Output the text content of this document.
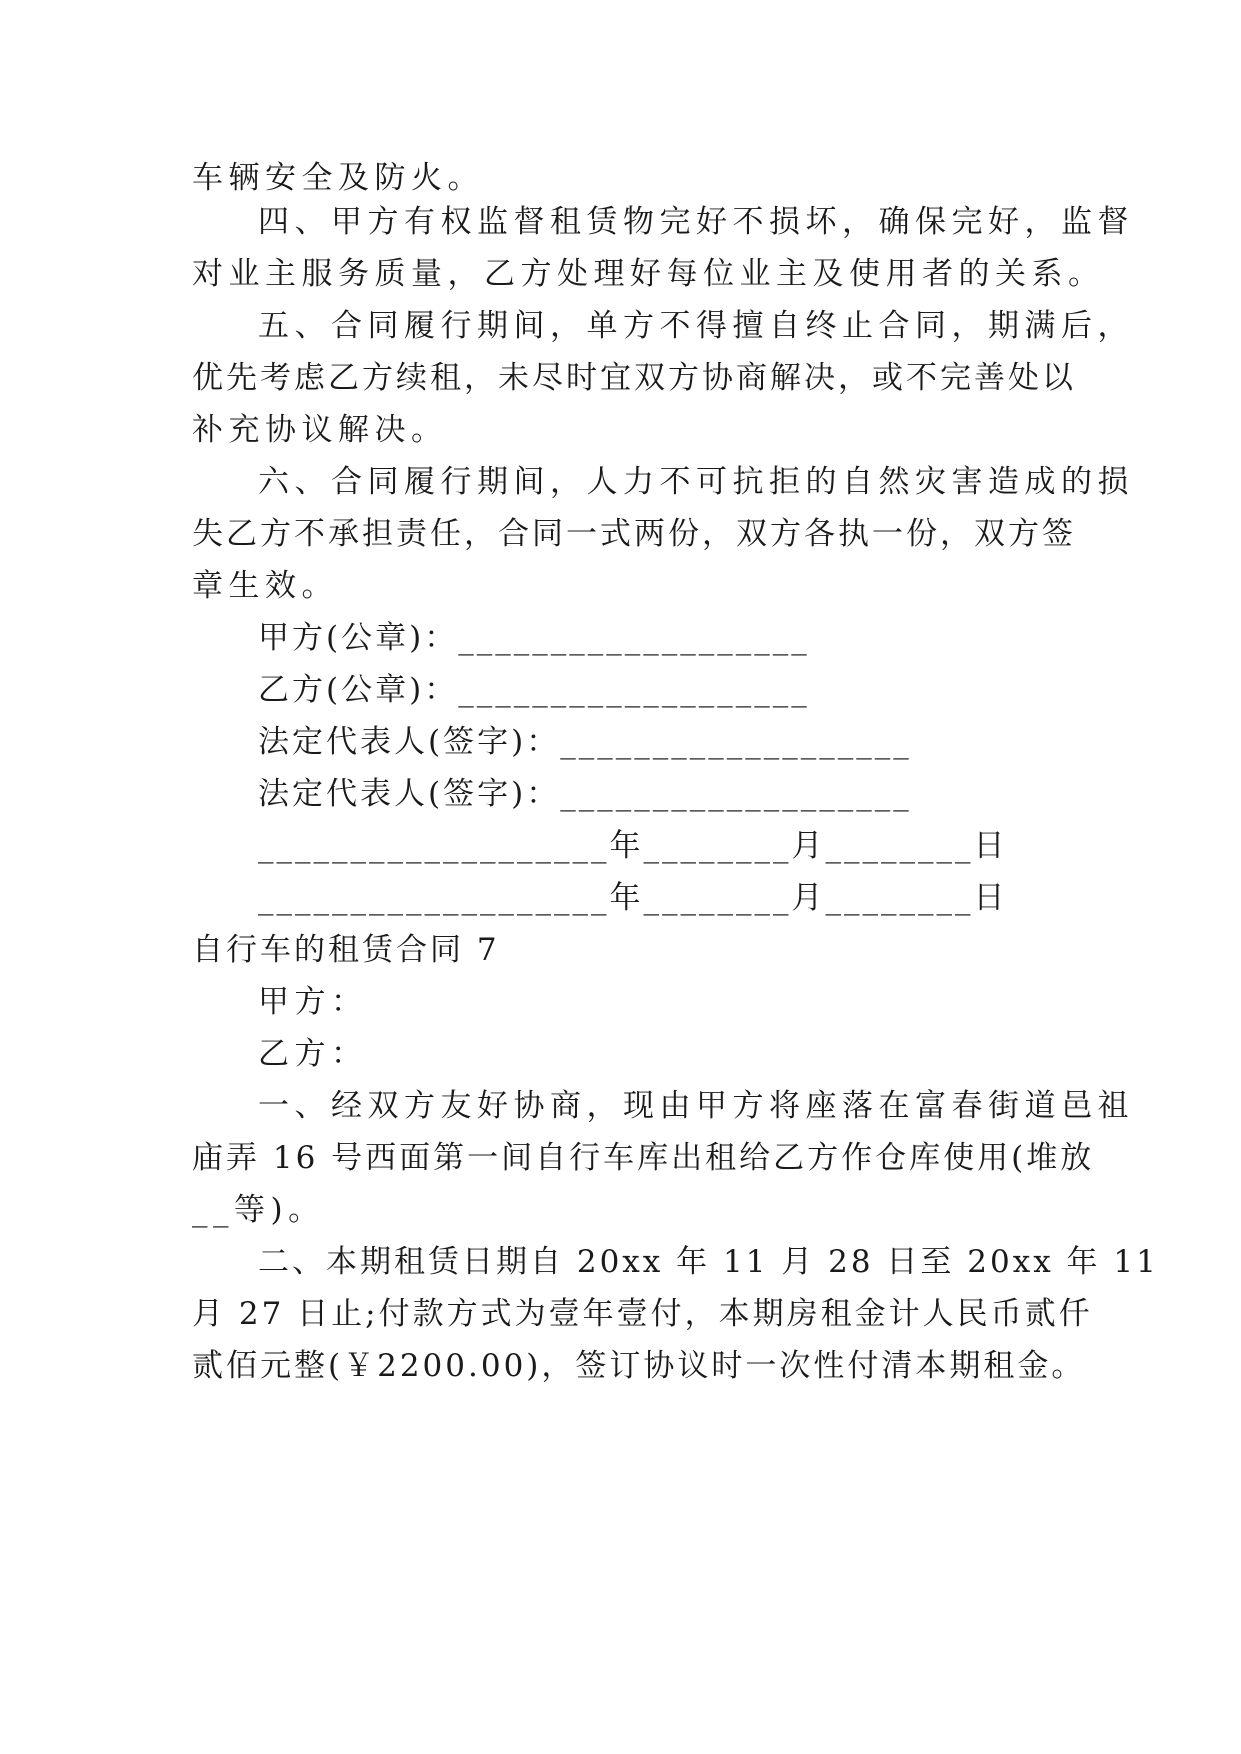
车辆安全及防火。
四、甲方有权监督租赁物完好不损坏，确保完好，监督
对业主服务质量，乙方处理好每位业主及使用者的关系。
五、合同履行期间，单方不得擅自终止合同，期满后，
优先考虑乙方续租，未尽时宜双方协商解决，或不完善处以
补充协议解决。
六、合同履行期间，人力不可抗拒的自然灾害造成的损
失乙方不承担责任，合同一式两份，双方各执一份，双方签
章生效。
甲方(公章)：___________________
乙方(公章)：___________________
法定代表人(签字)：___________________
法定代表人(签字)：___________________
___________________年________月________日
___________________年________月________日
自行车的租赁合同 7
甲方：
乙方：
一、经双方友好协商，现由甲方将座落在富春街道邑祖
庙弄 16 号西面第一间自行车库出租给乙方作仓库使用(堆放
__等)。
二、本期租赁日期自 20xx 年 11 月 28 日至 20xx 年 11
月 27 日止;付款方式为壹年壹付，本期房租金计人民币贰仟
贰佰元整(￥2200.00)，签订协议时一次性付清本期租金。
